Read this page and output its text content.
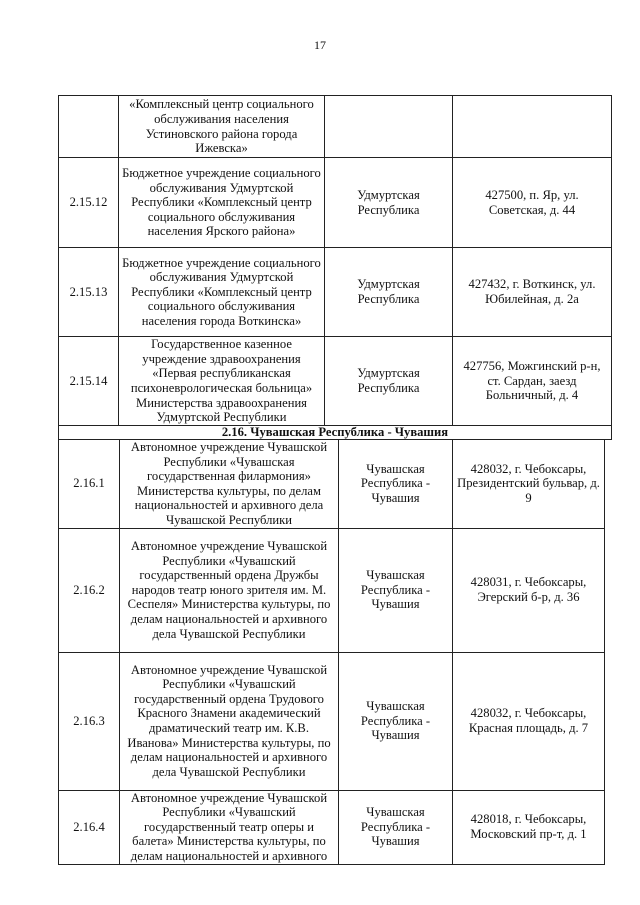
17
	«Комплексный центр социального обслуживания населения Устиновского района города Ижевска»		
2.15.12	Бюджетное учреждение социального обслуживания Удмуртской Республики «Комплексный центр социального обслуживания населения Ярского района»	Удмуртская Республика	427500, п. Яр, ул. Советская, д. 44
2.15.13	Бюджетное учреждение социального обслуживания Удмуртской Республики «Комплексный центр социального обслуживания населения города Воткинска»	Удмуртская Республика	427432, г. Воткинск, ул. Юбилейная, д. 2а
2.15.14	Государственное казенное учреждение здравоохранения «Первая республиканская психоневрологическая больница» Министерства здравоохранения Удмуртской Республики	Удмуртская Республика	427756, Можгинский р-н, ст. Сардан, заезд Больничный, д. 4
2.16. Чувашская Республика - Чувашия			
2.16.1	Автономное учреждение Чувашской Республики «Чувашская государственная филармония» Министерства культуры, по делам национальностей и архивного дела Чувашской Республики	Чувашская Республика - Чувашия	428032, г. Чебоксары, Президентский бульвар, д. 9
2.16.2	Автономное учреждение Чувашской Республики «Чувашский государственный ордена Дружбы народов театр юного зрителя им. М. Сеспеля» Министерства культуры, по делам национальностей и архивного дела Чувашской Республики	Чувашская Республика - Чувашия	428031, г. Чебоксары, Эгерский б-р, д. 36
2.16.3	Автономное учреждение Чувашской Республики «Чувашский государственный ордена Трудового Красного Знамени академический драматический театр им. К.В. Иванова» Министерства культуры, по делам национальностей и архивного дела Чувашской Республики	Чувашская Республика - Чувашия	428032, г. Чебоксары, Красная площадь, д. 7
2.16.4	Автономное учреждение Чувашской Республики «Чувашский государственный театр оперы и балета» Министерства культуры, по делам национальностей и архивного	Чувашская Республика - Чувашия	428018, г. Чебоксары, Московский пр-т, д. 1
